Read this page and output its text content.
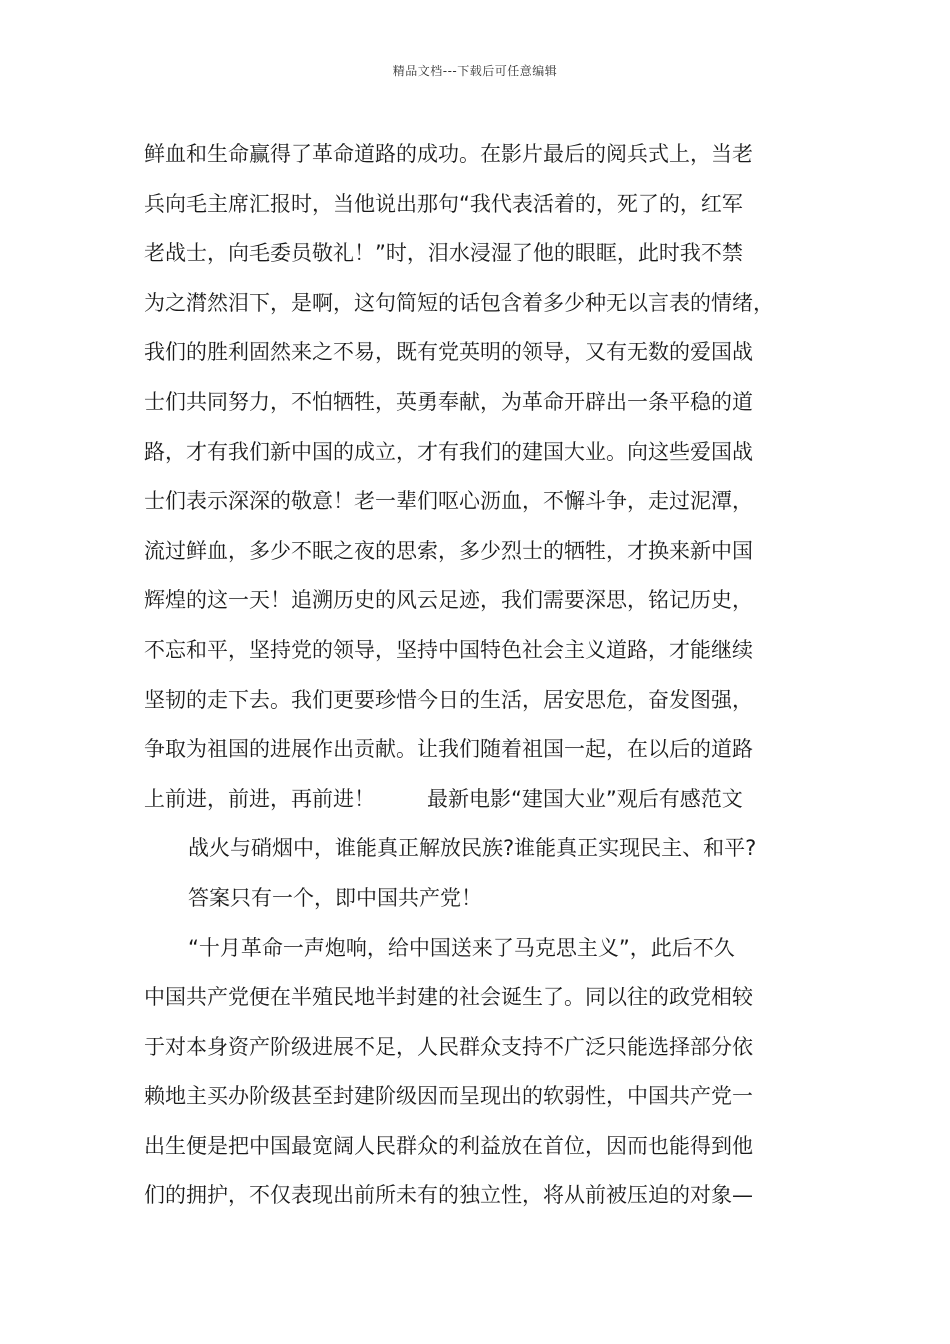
精品文档---下载后可任意编辑
鲜血和生命赢得了革命道路的成功。在影片最后的阅兵式上，当老
兵向毛主席汇报时，当他说出那句“我代表活着的，死了的，红军
老战士，向毛委员敬礼！”时，泪水浸湿了他的眼眶，此时我不禁
为之潸然泪下，是啊，这句简短的话包含着多少种无以言表的情绪，
我们的胜利固然来之不易，既有党英明的领导，又有无数的爱国战
士们共同努力，不怕牺牲，英勇奉献，为革命开辟出一条平稳的道
路，才有我们新中国的成立，才有我们的建国大业。向这些爱国战
士们表示深深的敬意！老一辈们呕心沥血，不懈斗争，走过泥潭，
流过鲜血，多少不眠之夜的思索，多少烈士的牺牲，才换来新中国
辉煌的这一天！追溯历史的风云足迹，我们需要深思，铭记历史，
不忘和平，坚持党的领导，坚持中国特色社会主义道路，才能继续
坚韧的走下去。我们更要珍惜今日的生活，居安思危，奋发图强，
争取为祖国的进展作出贡献。让我们随着祖国一起，在以后的道路
上前进，前进，再前进！ 最新电影“建国大业”观后有感范文
战火与硝烟中，谁能真正解放民族?谁能真正实现民主、和平?
答案只有一个，即中国共产党！
“十月革命一声炮响，给中国送来了马克思主义”，此后不久
中国共产党便在半殖民地半封建的社会诞生了。同以往的政党相较
于对本身资产阶级进展不足，人民群众支持不广泛只能选择部分依
赖地主买办阶级甚至封建阶级因而呈现出的软弱性，中国共产党一
出生便是把中国最宽阔人民群众的利益放在首位，因而也能得到他
们的拥护，不仅表现出前所未有的独立性，将从前被压迫的对象—
